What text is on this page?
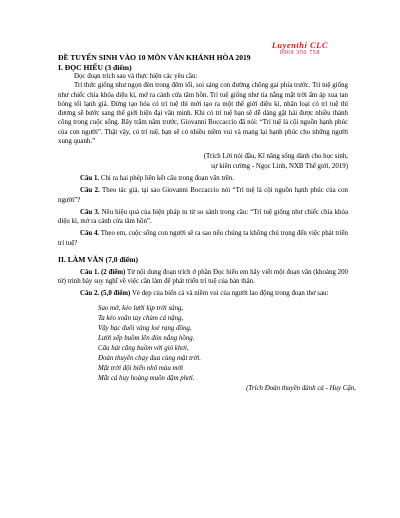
Luyenthi CLC
0969 350 758
ĐỀ TUYỂN SINH VÀO 10 MÔN VĂN KHÁNH HÒA 2019
I. ĐỌC HIỂU (3 điểm)

Đọc đoạn trích sau và thực hiện các yêu cầu:

Trí thức giống như ngọn đèn trong đêm tối, soi sáng con đường chông gai phía trước. Trí tuệ giống như chiếc chìa khóa diệu kì, mở ra cánh cửa tâm hồn. Trí tuệ giống như tia nắng mặt trời ấm áp xua tan bóng tối lạnh giá. Đừng tạo hóa có trí tuệ thì mới tạo ra một thế giới diệu kì, nhân loại có trí tuệ thì đương sẽ bước sang thế giới hiện đại văn minh. Khi có trí tuệ bạn sẽ dễ dàng gặt hái được nhiều thành công trong cuộc sống. Bây trăm năm trước, Giovanni Boccaccio đã nói: “Trí tuệ là cội nguồn hạnh phúc của con người”. Thật vậy, có trí tuệ, bạn sẽ có nhiều niềm vui và mang lại hạnh phúc cho những người xung quanh.”

(Trích Lời nói đầu, Kĩ năng sống dành cho học sinh,
sự kiên cường - Ngọc Linh, NXB Thế giới, 2019)

Câu 1. Chỉ ra hai phép liên kết câu trong đoạn văn trên.

Câu 2. Theo tác giả, tại sao Giovanni Boccaccio nói “Trí tuệ là cội nguồn hạnh phúc của con người”?

Câu 3. Nêu hiệu quả của biện pháp tu từ so sánh trong câu: “Trí tuệ giống như chiếc chìa khóa diệu kì, mở ra cánh cửa tâm hồn”.

Câu 4. Theo em, cuộc sống con người sẽ ra sao nếu chúng ta không chú trọng đến việc phát triển trí tuệ?

II. LÀM VĂN (7,0 điểm)

Câu 1. (2 điểm) Từ nội dung đoạn trích ở phần Đọc hiểu em hãy viết một đoạn văn (khoảng 200 từ) trình bày suy nghĩ về việc cần làm để phát triển trí tuệ của bản thân.

Câu 2. (5,0 điểm) Vẻ đẹp của biển cả và niềm vui của người lao động trong đoạn thơ sau:

Sao mờ, kéo lưới kịp trời sáng,
Ta kéo xoăn tay chùm cá nặng,
Vây bạc đuôi vàng loé rạng đông,
Lưới xếp buồm lên đón nắng hồng.
Câu hát căng buồm với gió khơi,
Đoàn thuyền chạy đua cùng mặt trời.
Mặt trời đội biển nhô màu mới
Mắt cá huy hoàng muôn dặm phơi.
(Trích Đoàn thuyền đánh cá - Huy Cận,
